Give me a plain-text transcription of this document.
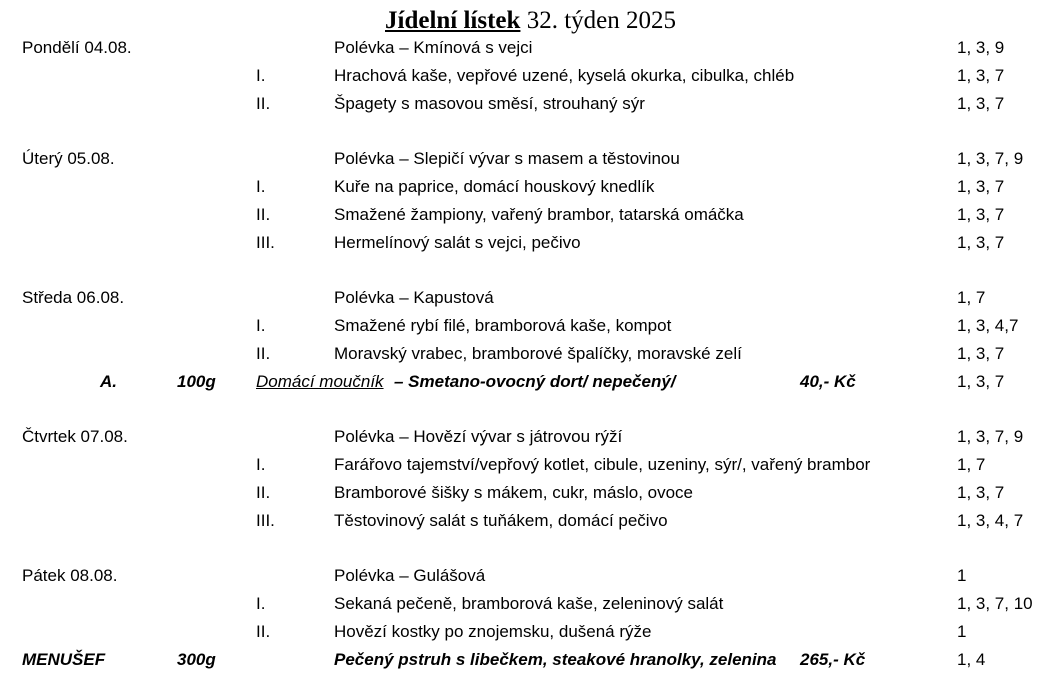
Jídelní lístek 32. týden 2025
Pondělí 04.08.	Polévka – Kmínová s vejci	1, 3, 9
I.	Hrachová kaše, vepřové uzené, kyselá okurka, cibulka, chléb	1, 3, 7
II.	Špagety s masovou směsí, strouhaný sýr	1, 3, 7
Úterý 05.08.	Polévka – Slepičí vývar s masem a těstovinou	1, 3, 7, 9
I.	Kuře na paprice, domácí houskový knedlík	1, 3, 7
II.	Smažené žampiony, vařený brambor, tatarská omáčka	1, 3, 7
III.	Hermelínový salát s vejci, pečivo	1, 3, 7
Středa 06.08.	Polévka – Kapustová	1, 7
I.	Smažené rybí filé, bramborová kaše, kompot	1, 3, 4,7
II.	Moravský vrabec, bramborové špalíčky, moravské zelí	1, 3, 7
A.	100g Domácí moučník – Smetano-ovocný dort/ nepečený/	40,- Kč	1, 3, 7
Čtvrtek 07.08.	Polévka – Hovězí vývar s játrovou rýží	1, 3, 7, 9
I.	Farářovo tajemství/vepřový kotlet, cibule, uzeniny, sýr/, vařený brambor	1, 7
II.	Bramborové šišky s mákem, cukr, máslo, ovoce	1, 3, 7
III.	Těstovinový salát s tuňákem, domácí pečivo	1, 3, 4, 7
Pátek 08.08.	Polévka – Gulášová	1
I.	Sekaná pečeně, bramborová kaše, zeleninový salát	1, 3, 7, 10
II.	Hovězí kostky po znojemsku, dušená rýže	1
MENUŠEF	300g	Pečený pstruh s libečkem, steakové hranolky, zelenina 265,- Kč	1, 4
